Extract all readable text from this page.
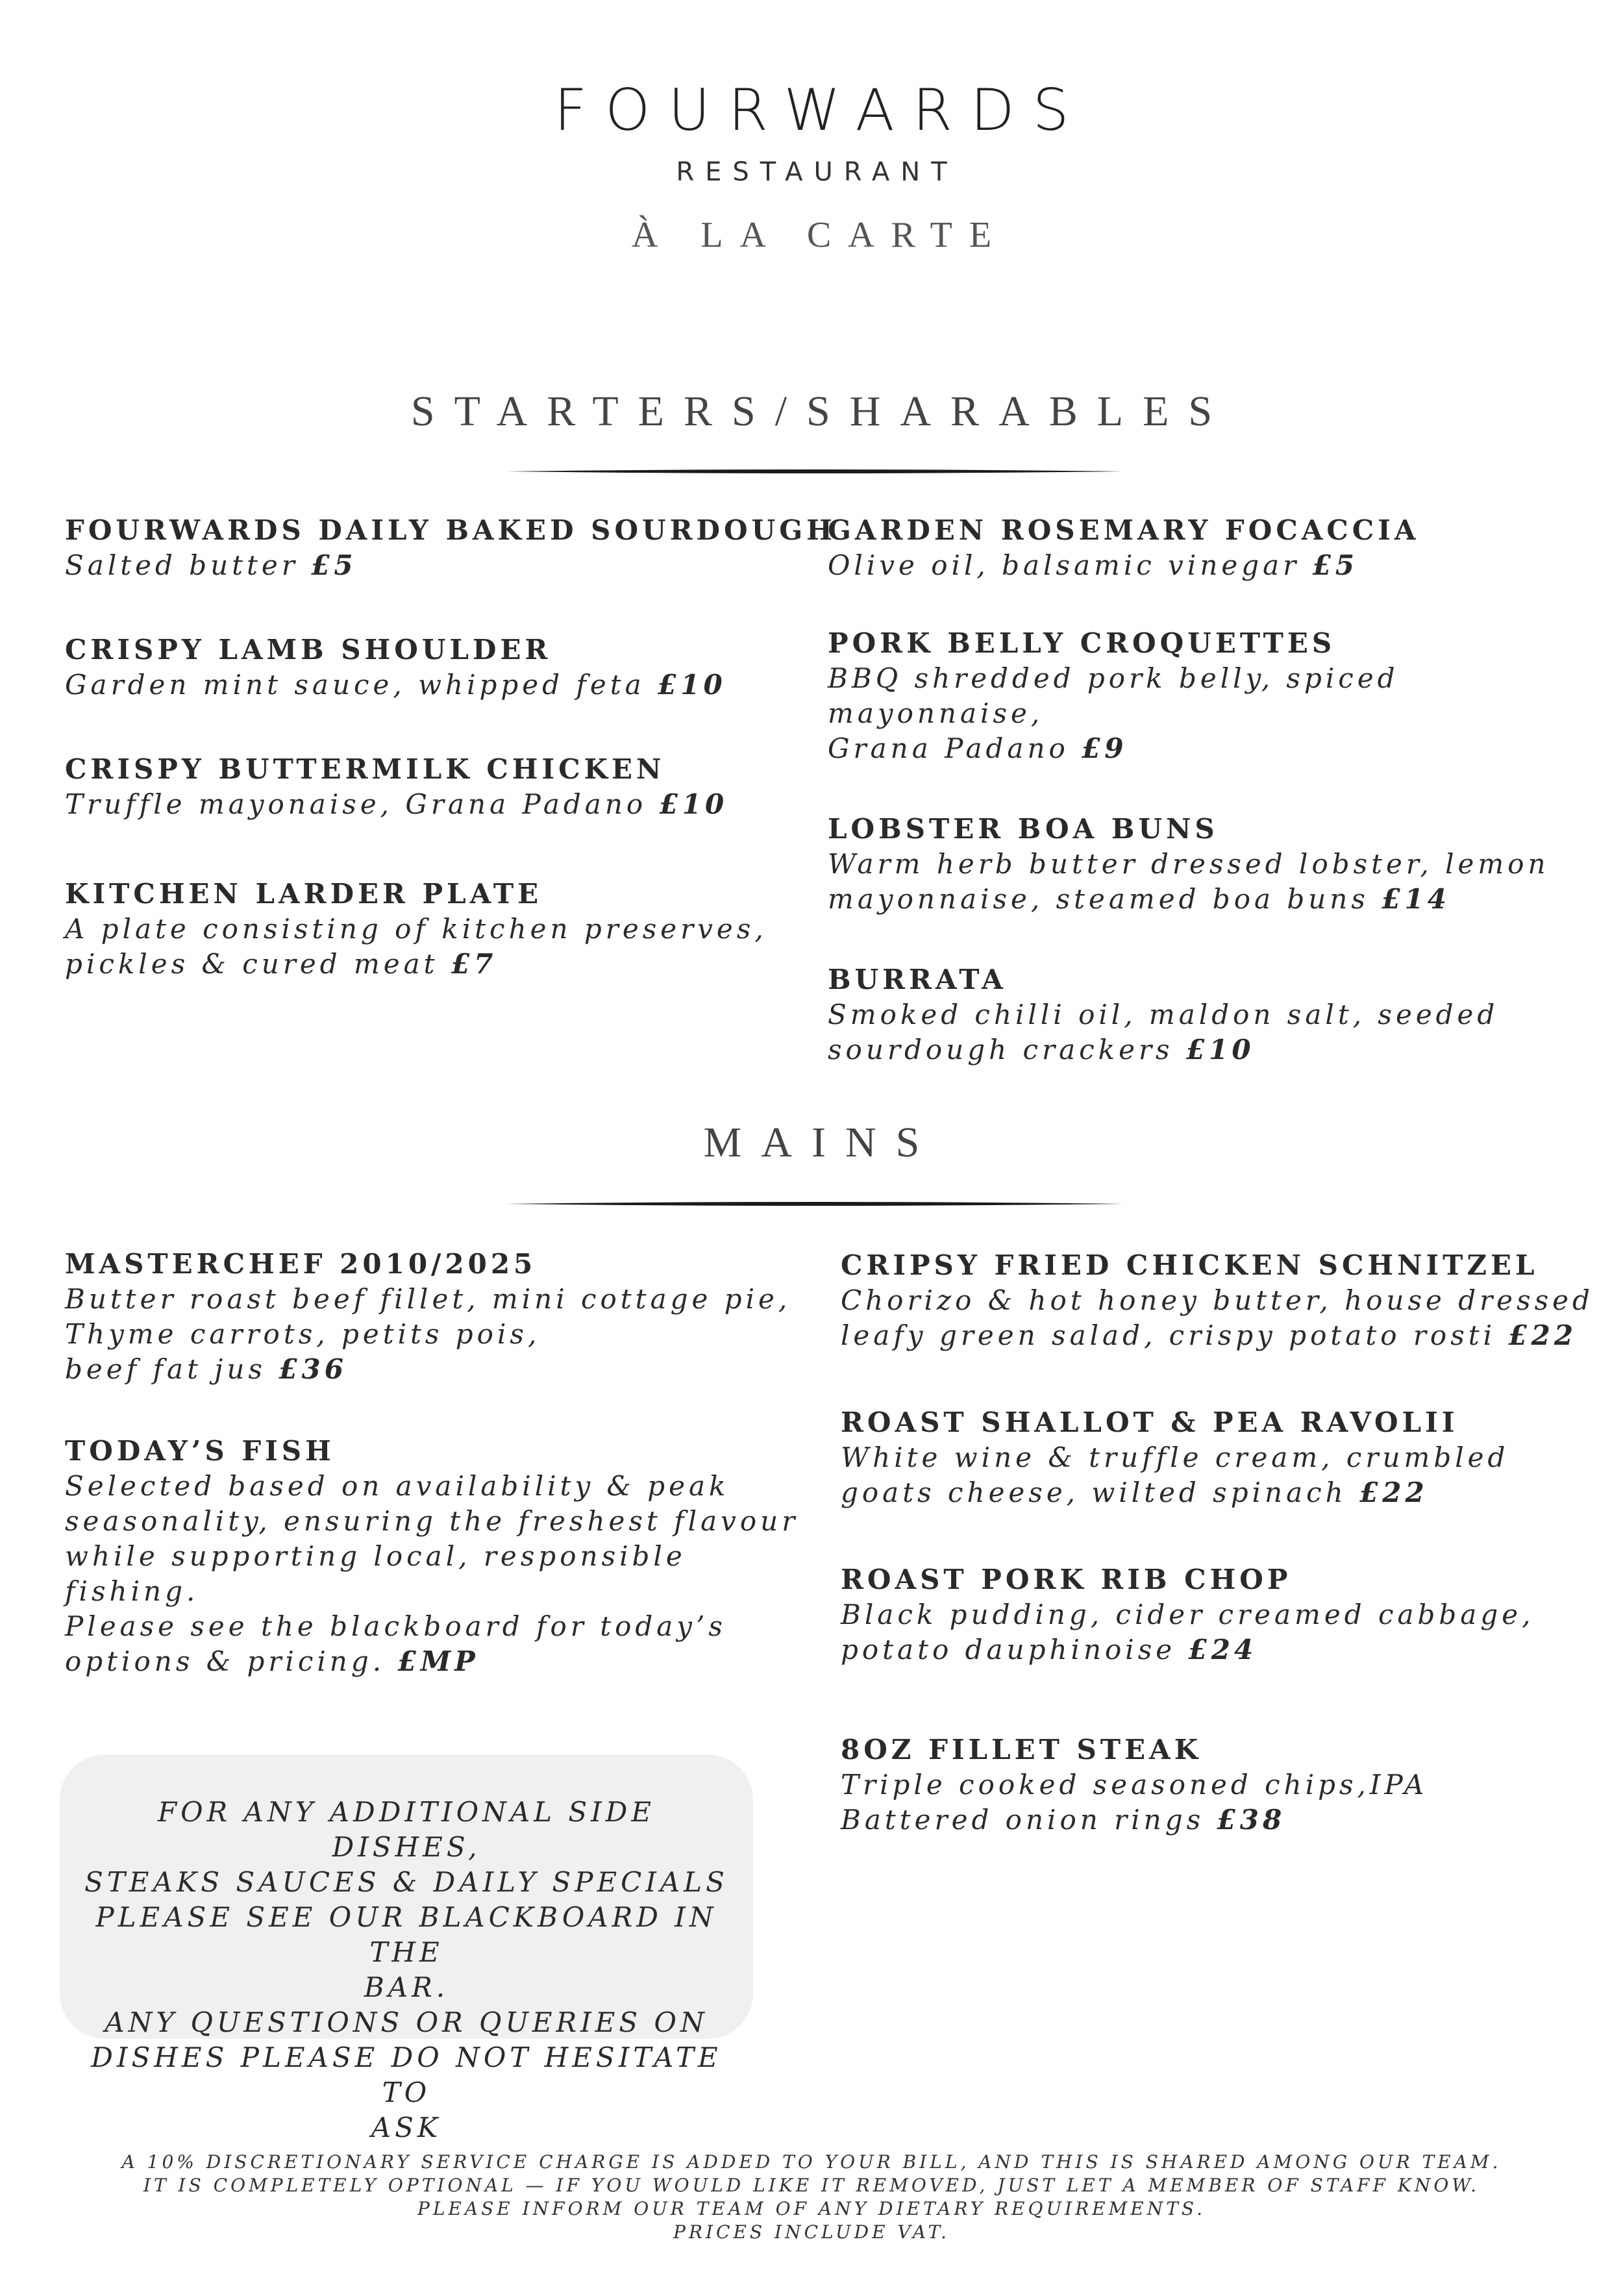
FOURWARDS
RESTAURANT
À LA CARTE
STARTERS/SHARABLES
FOURWARDS DAILY BAKED SOURDOUGH
Salted butter £5
CRISPY LAMB SHOULDER
Garden mint sauce, whipped feta £10
CRISPY BUTTERMILK CHICKEN
Truffle mayonaise, Grana Padano £10
KITCHEN LARDER PLATE
A plate consisting of kitchen preserves,
pickles & cured meat £7
GARDEN ROSEMARY FOCACCIA
Olive oil, balsamic vinegar £5
PORK BELLY CROQUETTES
BBQ shredded pork belly, spiced mayonnaise,
Grana Padano £9
LOBSTER BOA BUNS
Warm herb butter dressed lobster, lemon
mayonnaise, steamed boa buns £14
BURRATA
Smoked chilli oil, maldon salt, seeded
sourdough crackers £10
MAINS
MASTERCHEF 2010/2025
Butter roast beef fillet, mini cottage pie,
Thyme carrots, petits pois,
beef fat jus £36
TODAY’S FISH
Selected based on availability & peak
seasonality, ensuring the freshest flavour
while supporting local, responsible fishing.
Please see the blackboard for today’s
options & pricing. £MP
CRIPSY FRIED CHICKEN SCHNITZEL
Chorizo & hot honey butter, house dressed
leafy green salad, crispy potato rosti £22
ROAST SHALLOT & PEA RAVOLII
White wine & truffle cream, crumbled
goats cheese, wilted spinach £22
ROAST PORK RIB CHOP
Black pudding, cider creamed cabbage,
potato dauphinoise £24
8OZ FILLET STEAK
Triple cooked seasoned chips,IPA
Battered onion rings £38
FOR ANY ADDITIONAL SIDE DISHES,
STEAKS SAUCES & DAILY SPECIALS
PLEASE SEE OUR BLACKBOARD IN THE
BAR.
ANY QUESTIONS OR QUERIES ON
DISHES PLEASE DO NOT HESITATE TO
ASK
A 10% DISCRETIONARY SERVICE CHARGE IS ADDED TO YOUR BILL, AND THIS IS SHARED AMONG OUR TEAM.
IT IS COMPLETELY OPTIONAL — IF YOU WOULD LIKE IT REMOVED, JUST LET A MEMBER OF STAFF KNOW.
PLEASE INFORM OUR TEAM OF ANY DIETARY REQUIREMENTS.
PRICES INCLUDE VAT.
